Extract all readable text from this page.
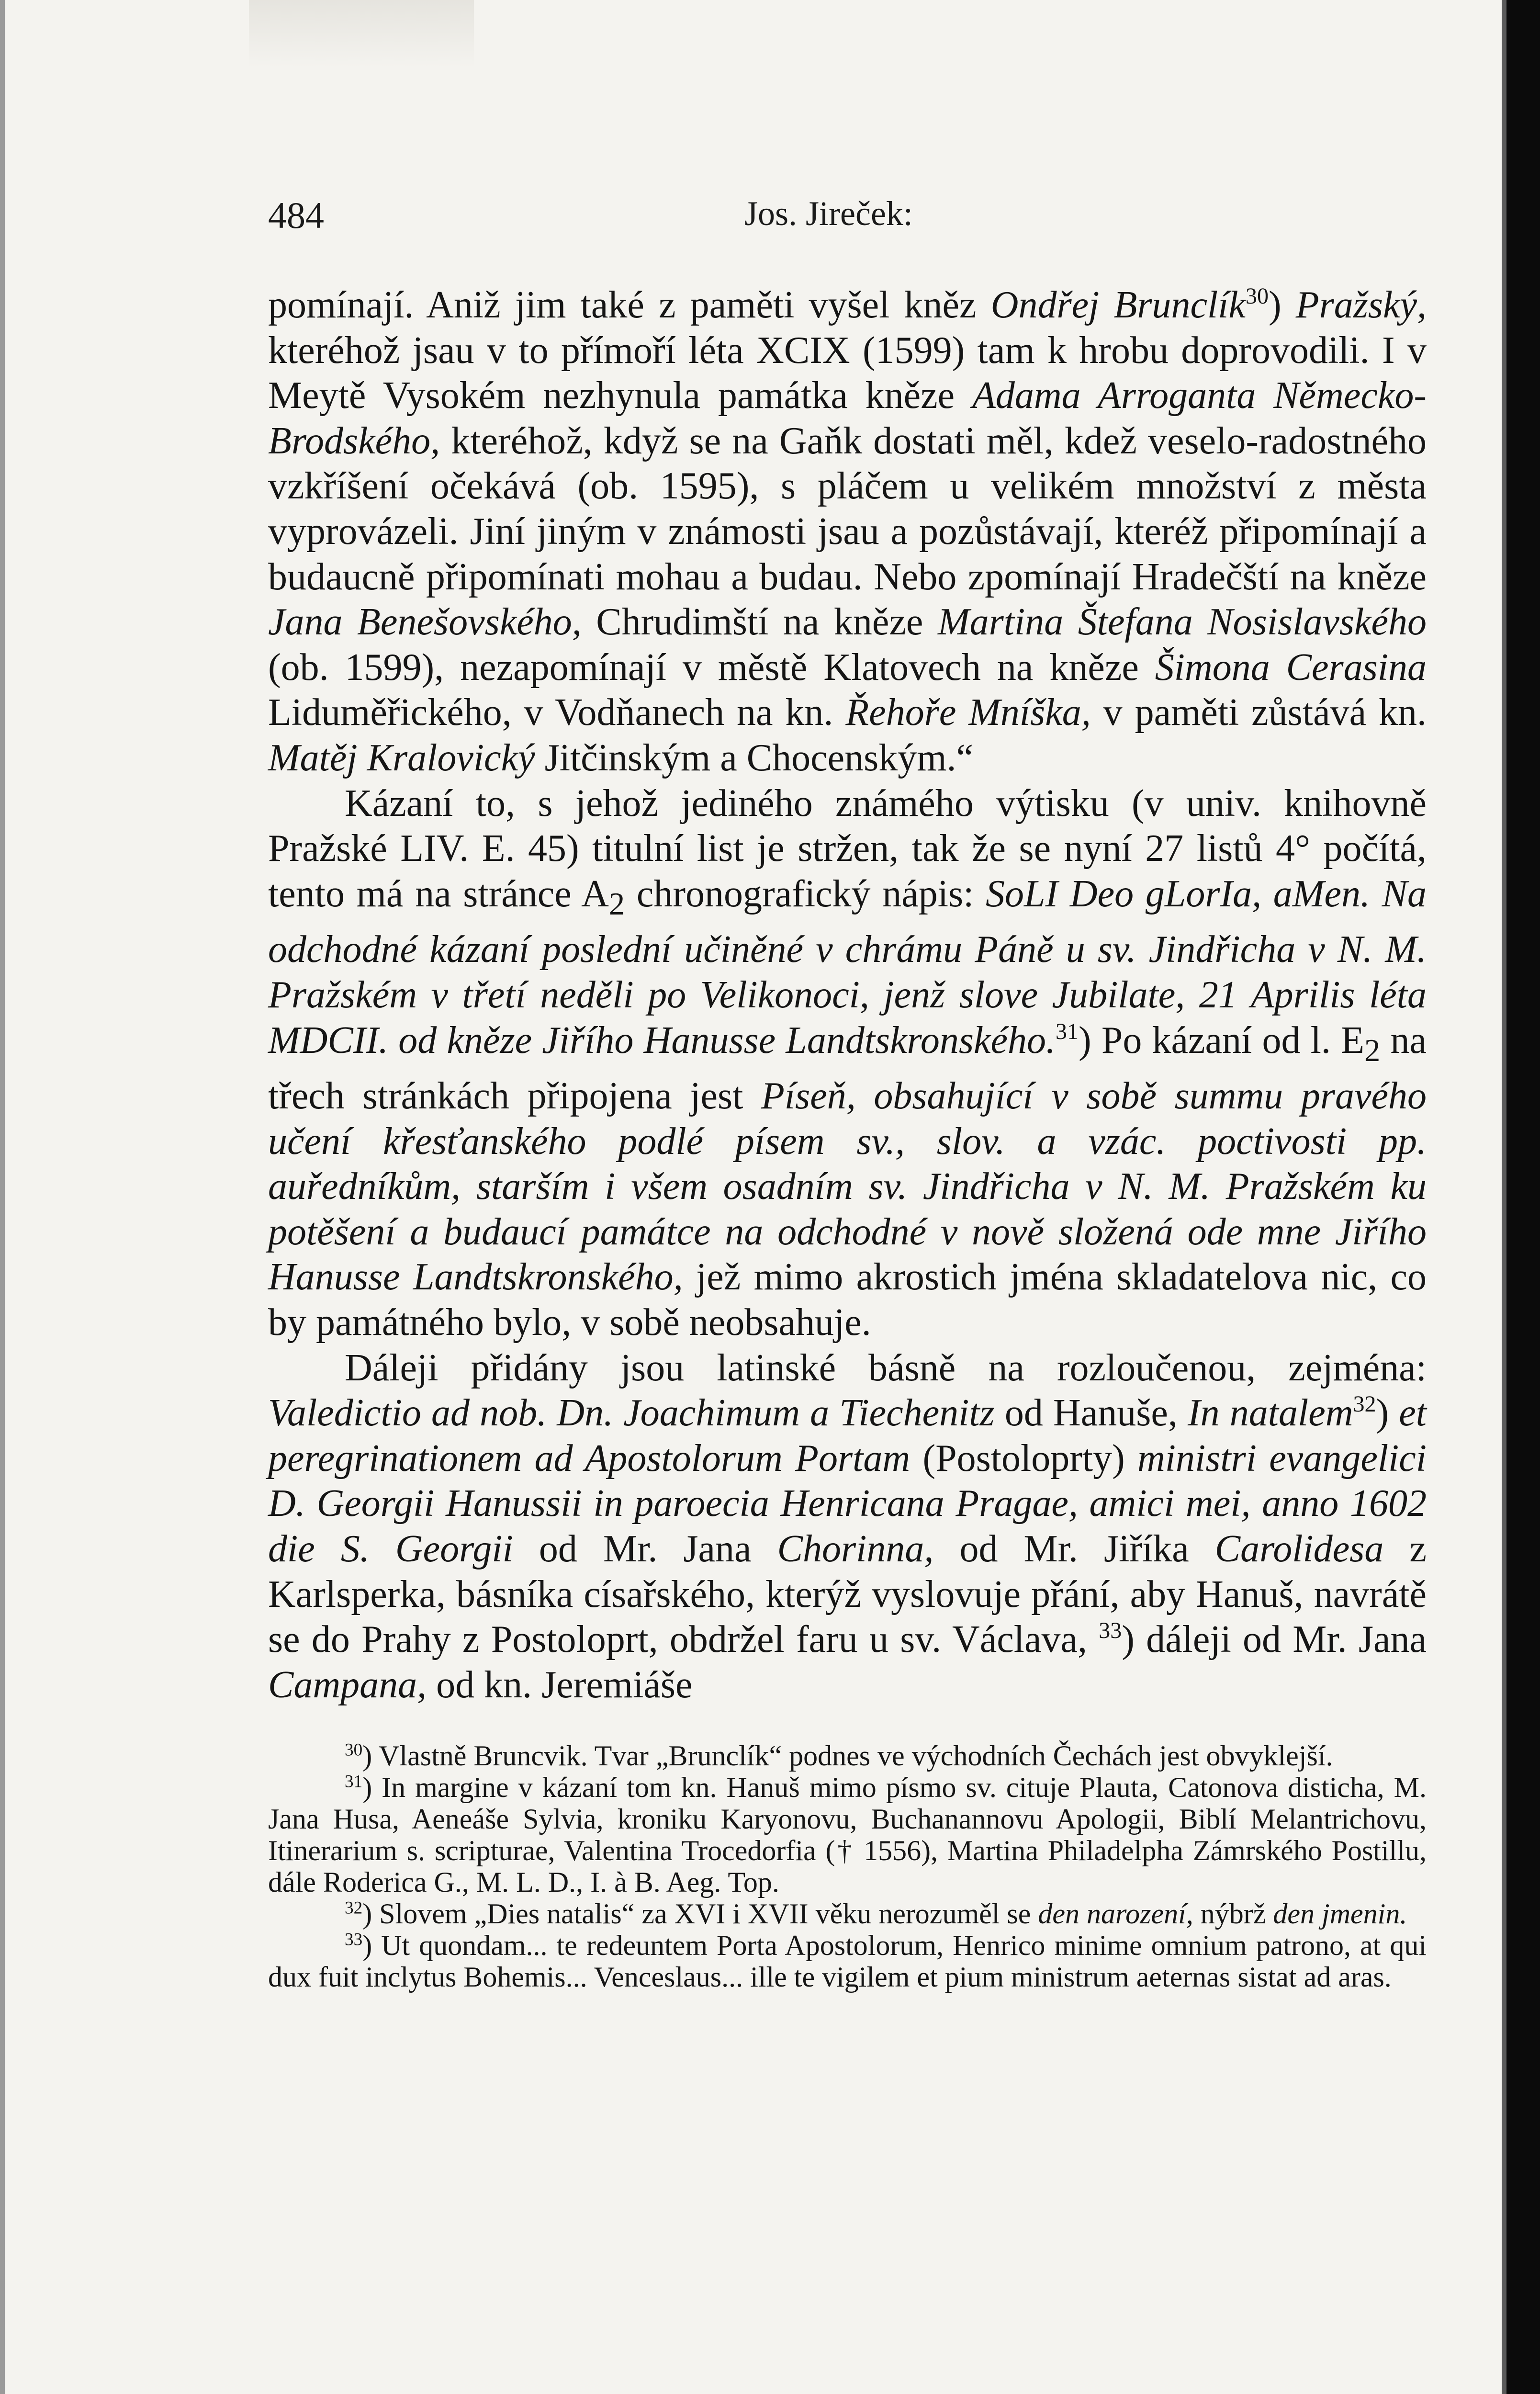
484	Jos. Jireček:

pomínají. Aniž jim také z paměti vyšel kněz Ondřej Brunclík$^{30}$) Pražský, kteréhož jsau v to přímoří léta XCIX (1599) tam k hrobu doprovodili. I v Meytě Vysokém nezhynula památka kněze Adama Arroganta Německo-Brodského, kteréhož, když se na Gaňk dostati měl, kdež veselo-radostného vzkříšení očekává (ob. 1595), s pláčem u velikém množství z města vyprovázeli. Jiní jiným v známosti jsau a pozůstávají, kteréž připomínají a budaucně připomínati mohau a budau. Nebo zpomínají Hradečští na kněze Jana Benešovského, Chrudimští na kněze Martina Štefana Nosislavského (ob. 1599), nezapomínají v městě Klatovech na kněze Šimona Cerasina Liduměřického, v Vodňanech na kn. Řehoře Mníška, v paměti zůstává kn. Matěj Kralovický Jitčinským a Chocenským.“

Kázaní to, s jehož jediného známého výtisku (v univ. knihovně Pražské LIV. E. 45) titulní list je stržen, tak že se nyní 27 listů 4° počítá, tento má na stránce $A_2$ chronografický nápis: SoLI Deo gLorIa, aMen. Na odchodné kázaní poslední učiněné v chrámu Páně u sv. Jindřicha v N. M. Pražském v třetí neděli po Velikonoci, jenž slove Jubilate, 21 Aprilis léta MDCII. od kněze Jiřího Hanusse Landtskronského.$^{31}$) Po kázaní od l. $E_2$ na třech stránkách připojena jest Píseň, obsahující v sobě summu pravého učení křesťanského podlé písem sv., slov. a vzác. poctivosti pp. auředníkům, starším i všem osadním sv. Jindřicha v N. M. Pražském ku potěšení a budaucí památce na odchodné v nově složená ode mne Jiřího Hanusse Landtskronského, jež mimo akrostich jména skladatelova nic, co by památného bylo, v sobě neobsahuje.

Dáleji přidány jsou latinské básně na rozloučenou, zejména: Valedictio ad nob. Dn. Joachimum a Tiechenitz od Hanuše, In natalem$^{32}$) et peregrinationem ad Apostolorum Portam (Postoloprty) ministri evangelici D. Georgii Hanussii in paroecia Henricana Pragae, amici mei, anno 1602 die S. Georgii od Mr. Jana Chorinna, od Mr. Jiříka Carolidesa z Karlsperka, básníka císařského, kterýž vyslovuje přání, aby Hanuš, navrátě se do Prahy z Postoloprt, obdržel faru u sv. Václava, $^{33}$) dáleji od Mr. Jana Campana, od kn. Jeremiáše

$^{30}$) Vlastně Bruncvik. Tvar „Brunclík“ podnes ve východních Čechách jest obvyklejší.

$^{31}$) In margine v kázaní tom kn. Hanuš mimo písmo sv. cituje Plauta, Catonova disticha, M. Jana Husa, Aeneáše Sylvia, kroniku Karyonovu, Buchanannovu Apologii, Biblí Melantrichovu, Itinerarium s. scripturae, Valentina Trocedorfia († 1556), Martina Philadelpha Zámrského Postillu, dále Roderica G., M. L. D., I. à B. Aeg. Top.

$^{32}$) Slovem „Dies natalis“ za XVI i XVII věku nerozuměl se den narození, nýbrž den jmenin.

$^{33}$) Ut quondam... te redeuntem Porta Apostolorum, Henrico minime omnium patrono, at qui dux fuit inclytus Bohemis... Venceslaus... ille te vigilem et pium ministrum aeternas sistat ad aras.
